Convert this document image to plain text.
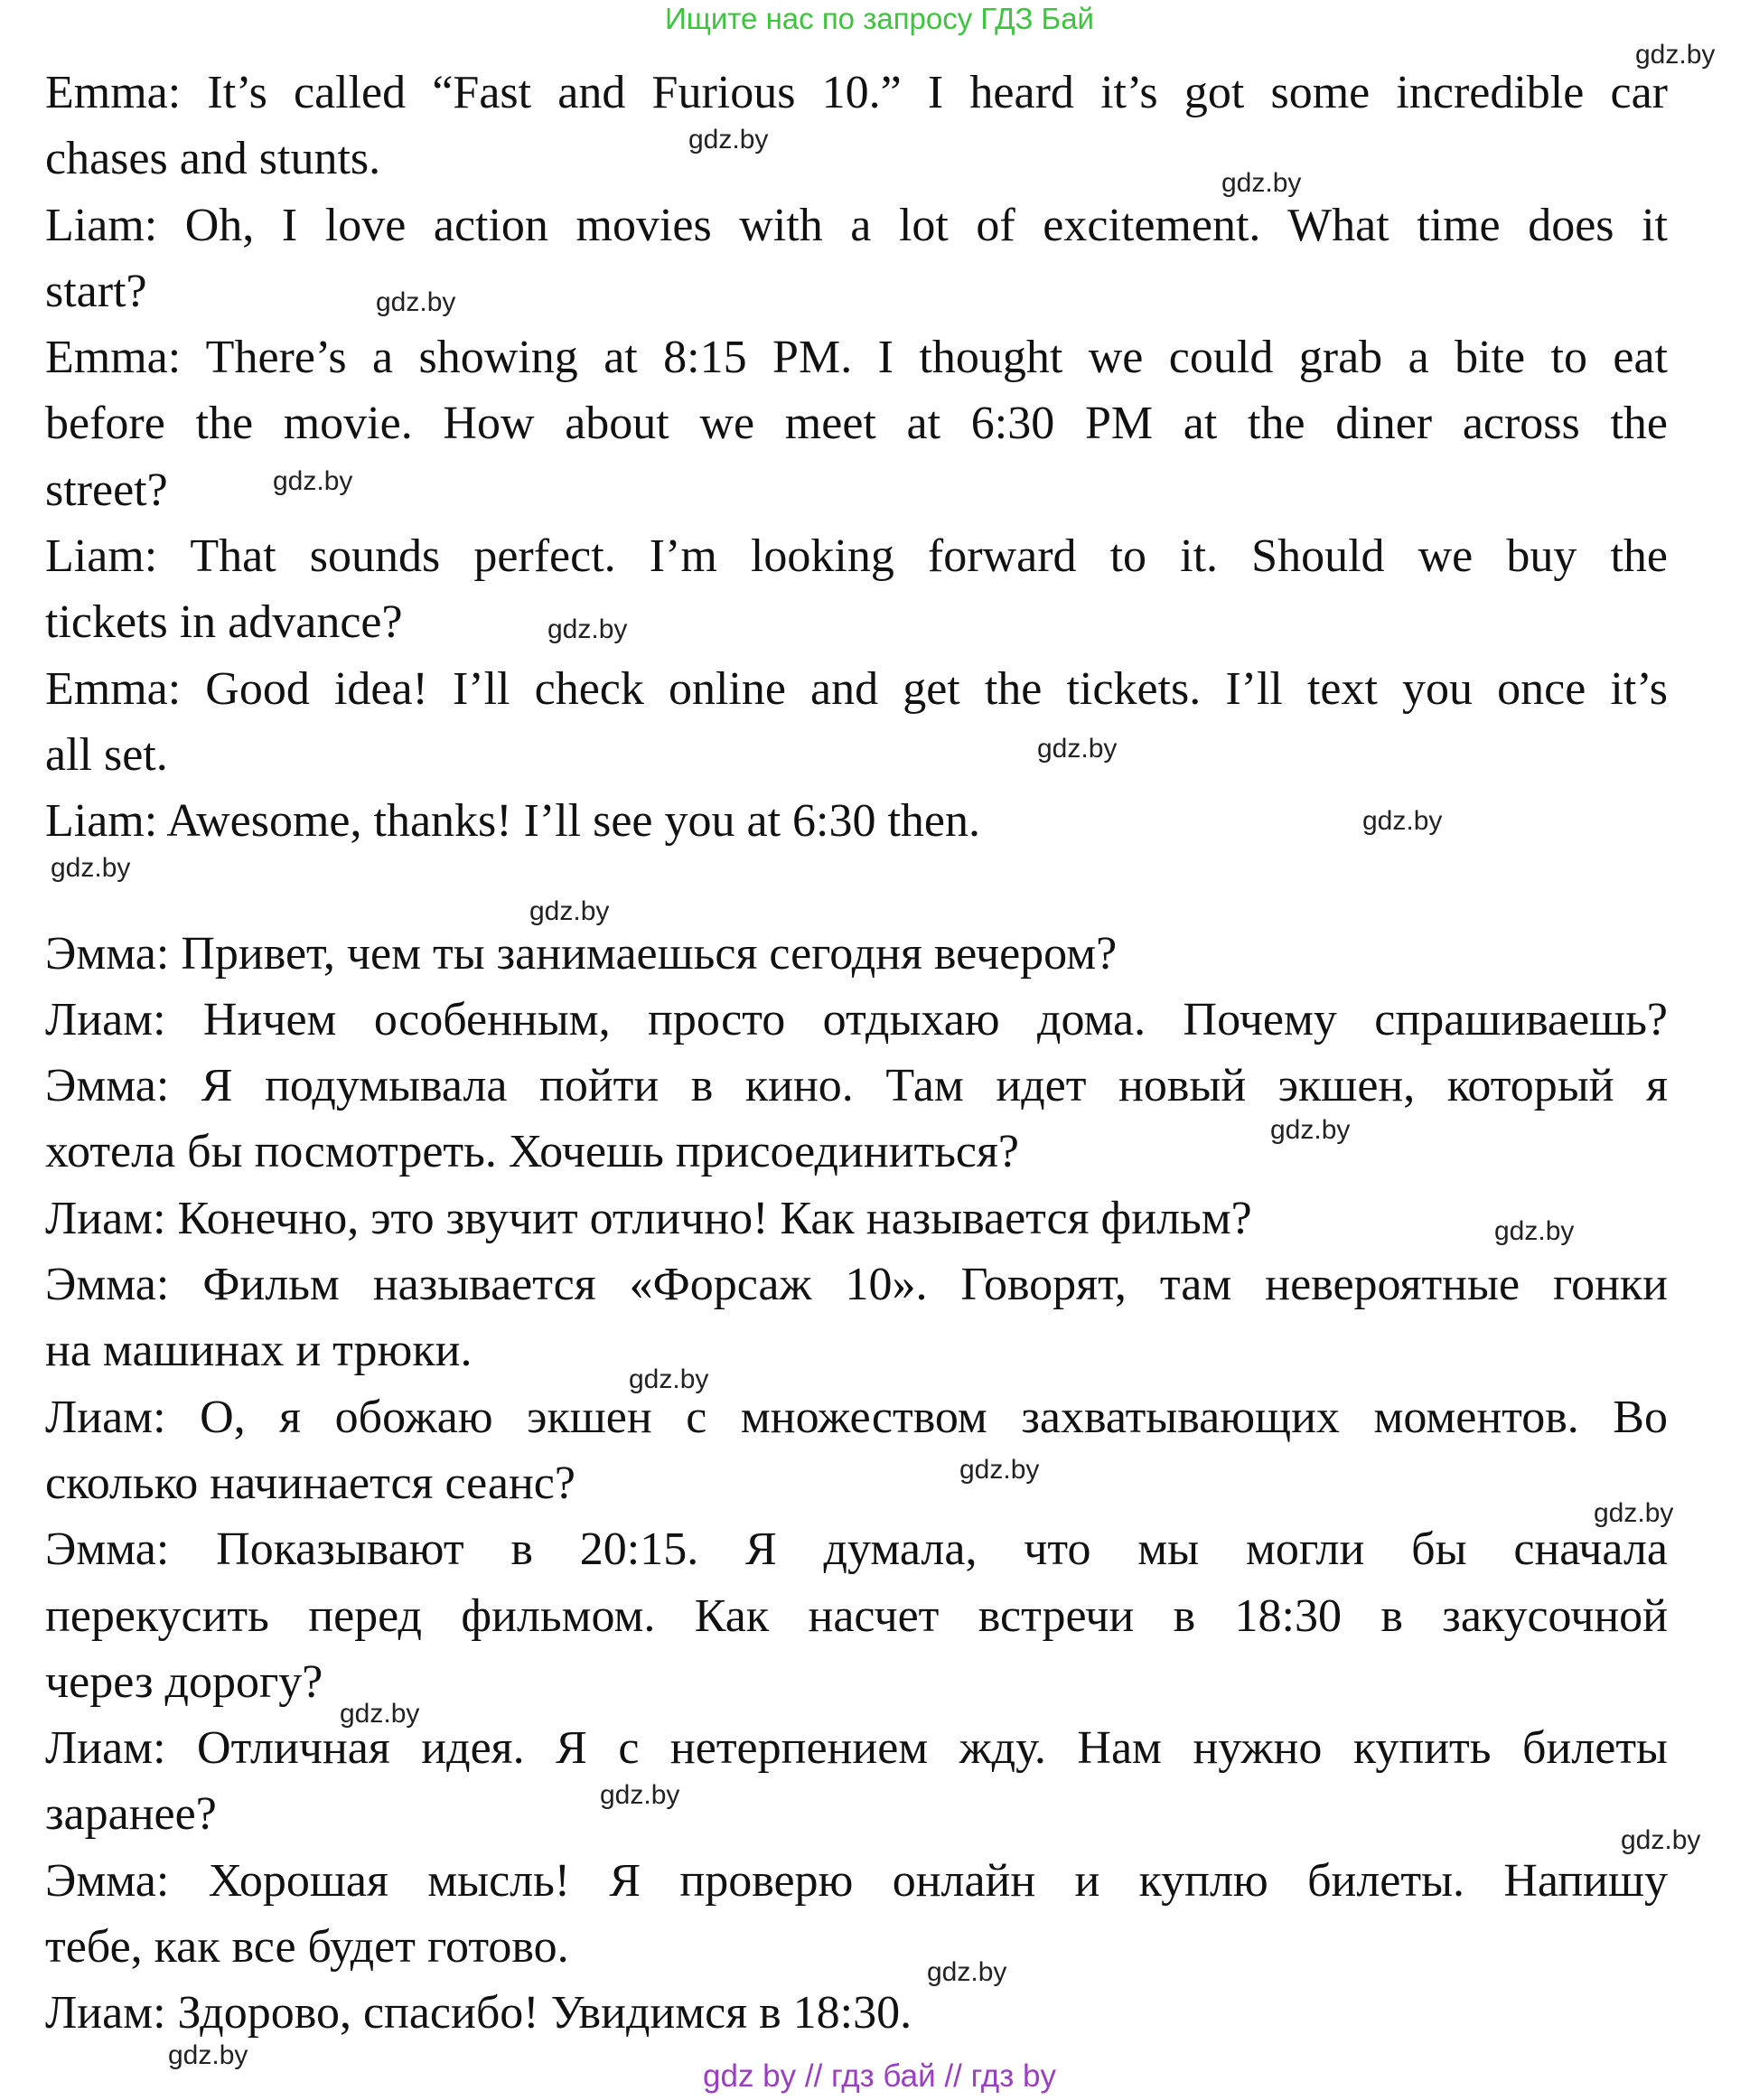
Ищите нас по запросу ГДЗ Бай
Emma: It’s called “Fast and Furious 10.” I heard it’s got some incredible car
chases and stunts.
Liam: Oh, I love action movies with a lot of excitement. What time does it
start?
Emma: There’s a showing at 8:15 PM. I thought we could grab a bite to eat
before the movie. How about we meet at 6:30 PM at the diner across the
street?
Liam: That sounds perfect. I’m looking forward to it. Should we buy the
tickets in advance?
Emma: Good idea! I’ll check online and get the tickets. I’ll text you once it’s
all set.
Liam: Awesome, thanks! I’ll see you at 6:30 then.
Эмма: Привет, чем ты занимаешься сегодня вечером?
Лиам: Ничем особенным, просто отдыхаю дома. Почему спрашиваешь?
Эмма: Я подумывала пойти в кино. Там идет новый экшен, который я
хотела бы посмотреть. Хочешь присоединиться?
Лиам: Конечно, это звучит отлично! Как называется фильм?
Эмма: Фильм называется «Форсаж 10». Говорят, там невероятные гонки
на машинах и трюки.
Лиам: О, я обожаю экшен с множеством захватывающих моментов. Во
сколько начинается сеанс?
Эмма: Показывают в 20:15. Я думала, что мы могли бы сначала
перекусить перед фильмом. Как насчет встречи в 18:30 в закусочной
через дорогу?
Лиам: Отличная идея. Я с нетерпением жду. Нам нужно купить билеты
заранее?
Эмма: Хорошая мысль! Я проверю онлайн и куплю билеты. Напишу
тебе, как все будет готово.
Лиам: Здорово, спасибо! Увидимся в 18:30.
gdz.by
gdz.by
gdz.by
gdz.by
gdz.by
gdz.by
gdz.by
gdz.by
gdz.by
gdz.by
gdz.by
gdz.by
gdz.by
gdz.by
gdz.by
gdz.by
gdz.by
gdz.by
gdz.by
gdz.by
gdz by // гдз бай // гдз by
